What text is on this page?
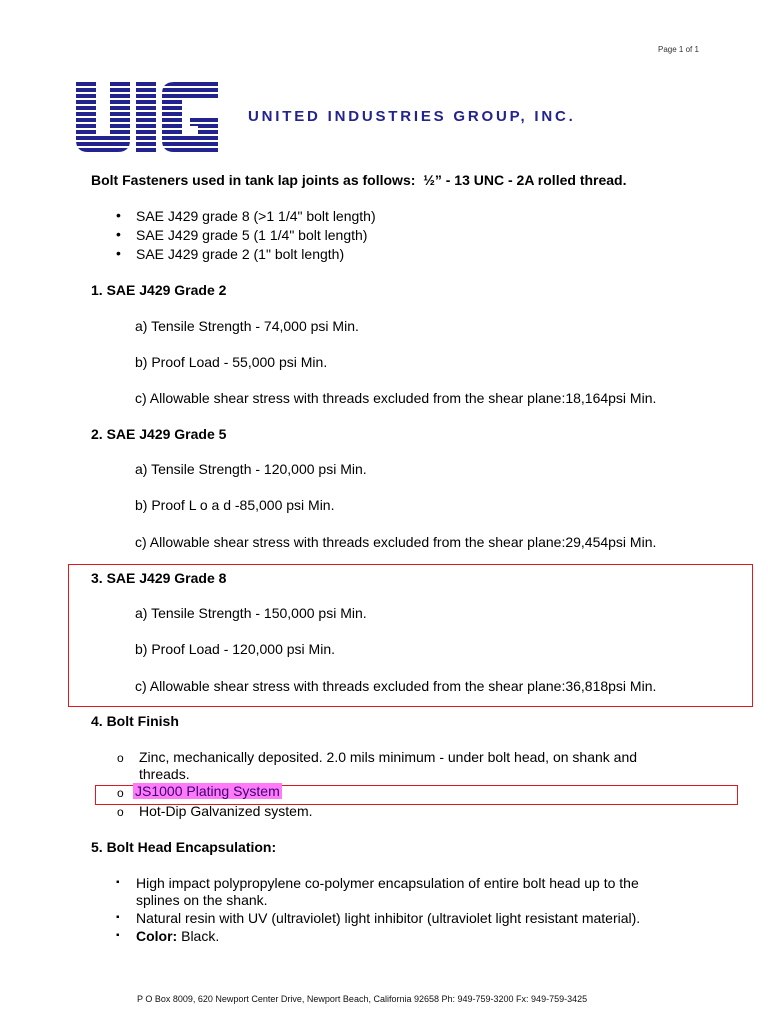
Page 1 of 1
UNITED INDUSTRIES GROUP, INC.
Bolt Fasteners used in tank lap joints as follows: ½” - 13 UNC - 2A rolled thread.
• SAE J429 grade 8 (>1 1/4" bolt length)
• SAE J429 grade 5 (1 1/4" bolt length)
• SAE J429 grade 2 (1" bolt length)
1. SAE J429 Grade 2
a) Tensile Strength - 74,000 psi Min.
b) Proof Load - 55,000 psi Min.
c) Allowable shear stress with threads excluded from the shear plane:18,164psi Min.
2. SAE J429 Grade 5
a) Tensile Strength - 120,000 psi Min.
b) Proof L o a d -85,000 psi Min.
c) Allowable shear stress with threads excluded from the shear plane:29,454psi Min.
3. SAE J429 Grade 8
a) Tensile Strength - 150,000 psi Min.
b) Proof Load - 120,000 psi Min.
c) Allowable shear stress with threads excluded from the shear plane:36,818psi Min.
4. Bolt Finish
o Zinc, mechanically deposited. 2.0 mils minimum - under bolt head, on shank and
threads.
o JS1000 Plating System
o Hot-Dip Galvanized system.
5. Bolt Head Encapsulation:
▪ High impact polypropylene co-polymer encapsulation of entire bolt head up to the
splines on the shank.
▪ Natural resin with UV (ultraviolet) light inhibitor (ultraviolet light resistant material).
▪ Color: Black.
P O Box 8009, 620 Newport Center Drive, Newport Beach, California 92658 Ph: 949-759-3200 Fx: 949-759-3425
